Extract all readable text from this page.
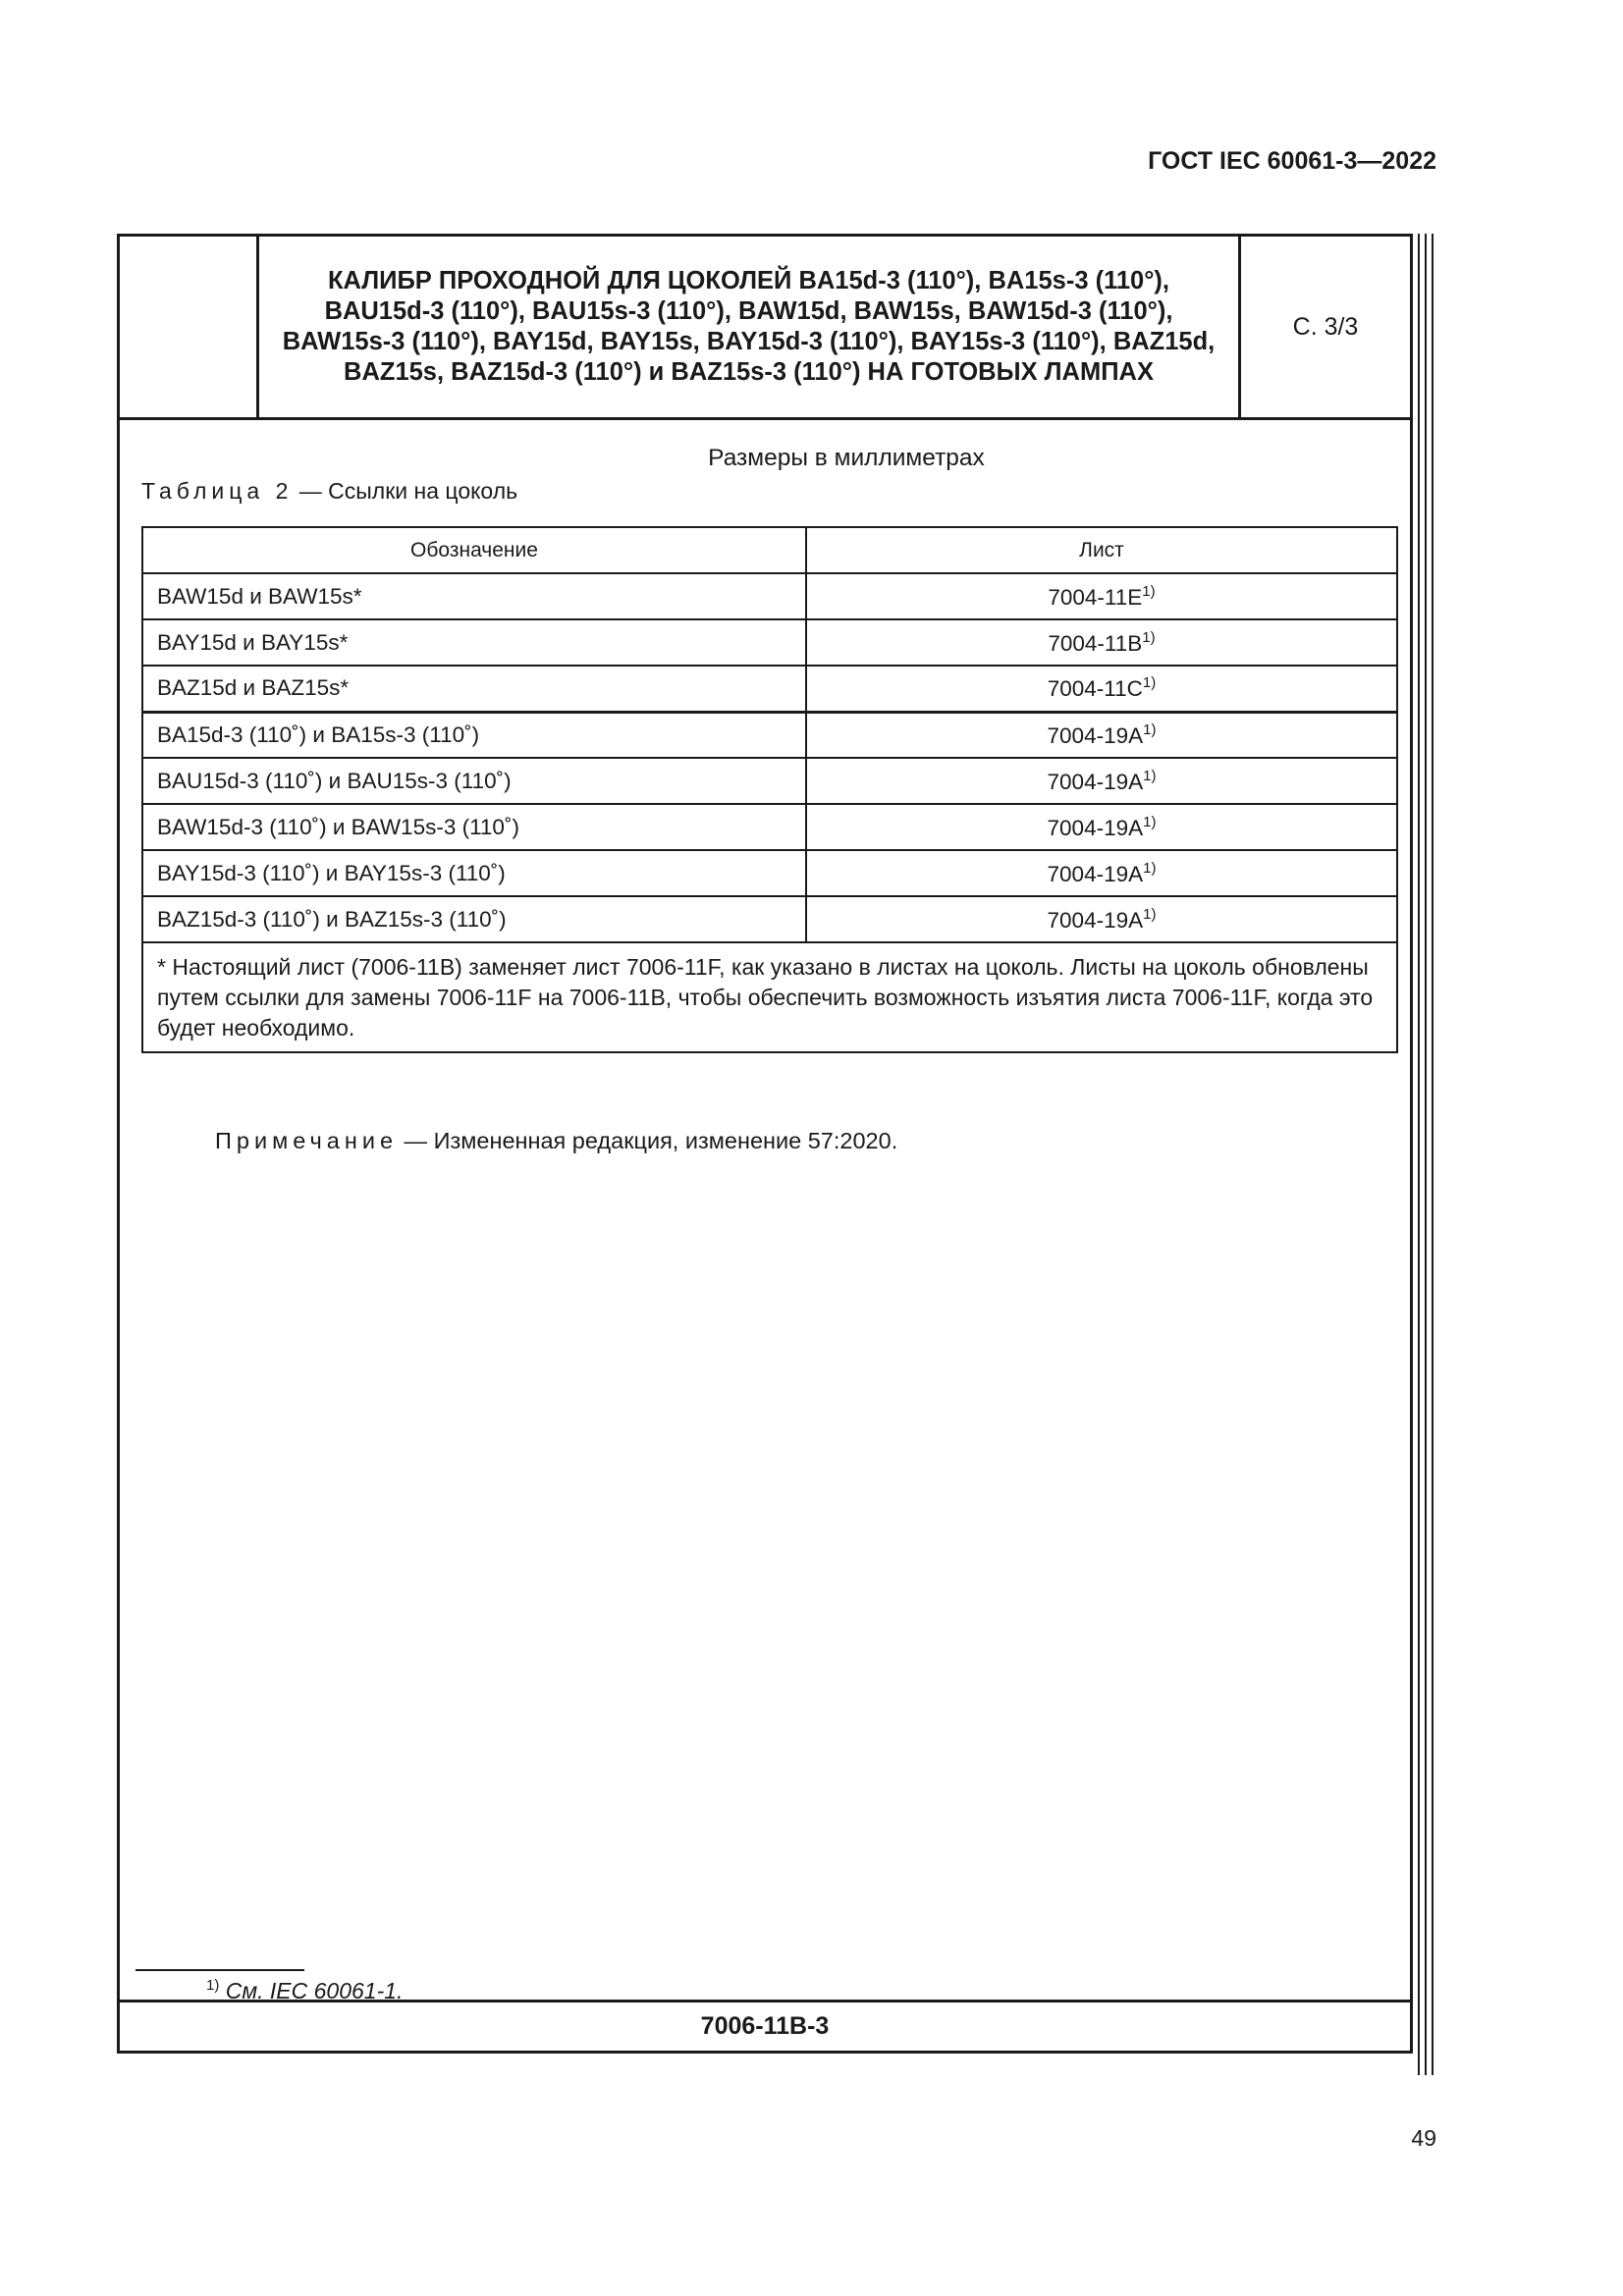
ГОСТ IEC 60061-3—2022
КАЛИБР ПРОХОДНОЙ ДЛЯ ЦОКОЛЕЙ BA15d-3 (110°), BA15s-3 (110°), BAU15d-3 (110°), BAU15s-3 (110°), BAW15d, BAW15s, BAW15d-3 (110°), BAW15s-3 (110°), BAY15d, BAY15s, BAY15d-3 (110°), BAY15s-3 (110°), BAZ15d, BAZ15s, BAZ15d-3 (110°) и BAZ15s-3 (110°) НА ГОТОВЫХ ЛАМПАХ
С. 3/3
Размеры в миллиметрах
Таблица 2 — Ссылки на цоколь
Обозначение	Лист
BAW15d и BAW15s*	$7004-11E^{1)}$
BAY15d и BAY15s*	$7004-11B^{1)}$
BAZ15d и BAZ15s*	$7004-11C^{1)}$
BA15d-3 (110˚) и BA15s-3 (110˚)	$7004-19A^{1)}$
BAU15d-3 (110˚) и BAU15s-3 (110˚)	$7004-19A^{1)}$
BAW15d-3 (110˚) и BAW15s-3 (110˚)	$7004-19A^{1)}$
BAY15d-3 (110˚) и BAY15s-3 (110˚)	$7004-19A^{1)}$
BAZ15d-3 (110˚) и BAZ15s-3 (110˚)	$7004-19A^{1)}$
* Настоящий лист (7006-11B) заменяет лист 7006-11F, как указано в листах на цоколь. Листы на цоколь обновлены путем ссылки для замены 7006-11F на 7006-11B, чтобы обеспечить возможность изъятия листа 7006-11F, когда это будет необходимо.	
Примечание — Измененная редакция, изменение 57:2020.
$^{1)}$ См. IEC 60061-1.
7006-11B-3
49
